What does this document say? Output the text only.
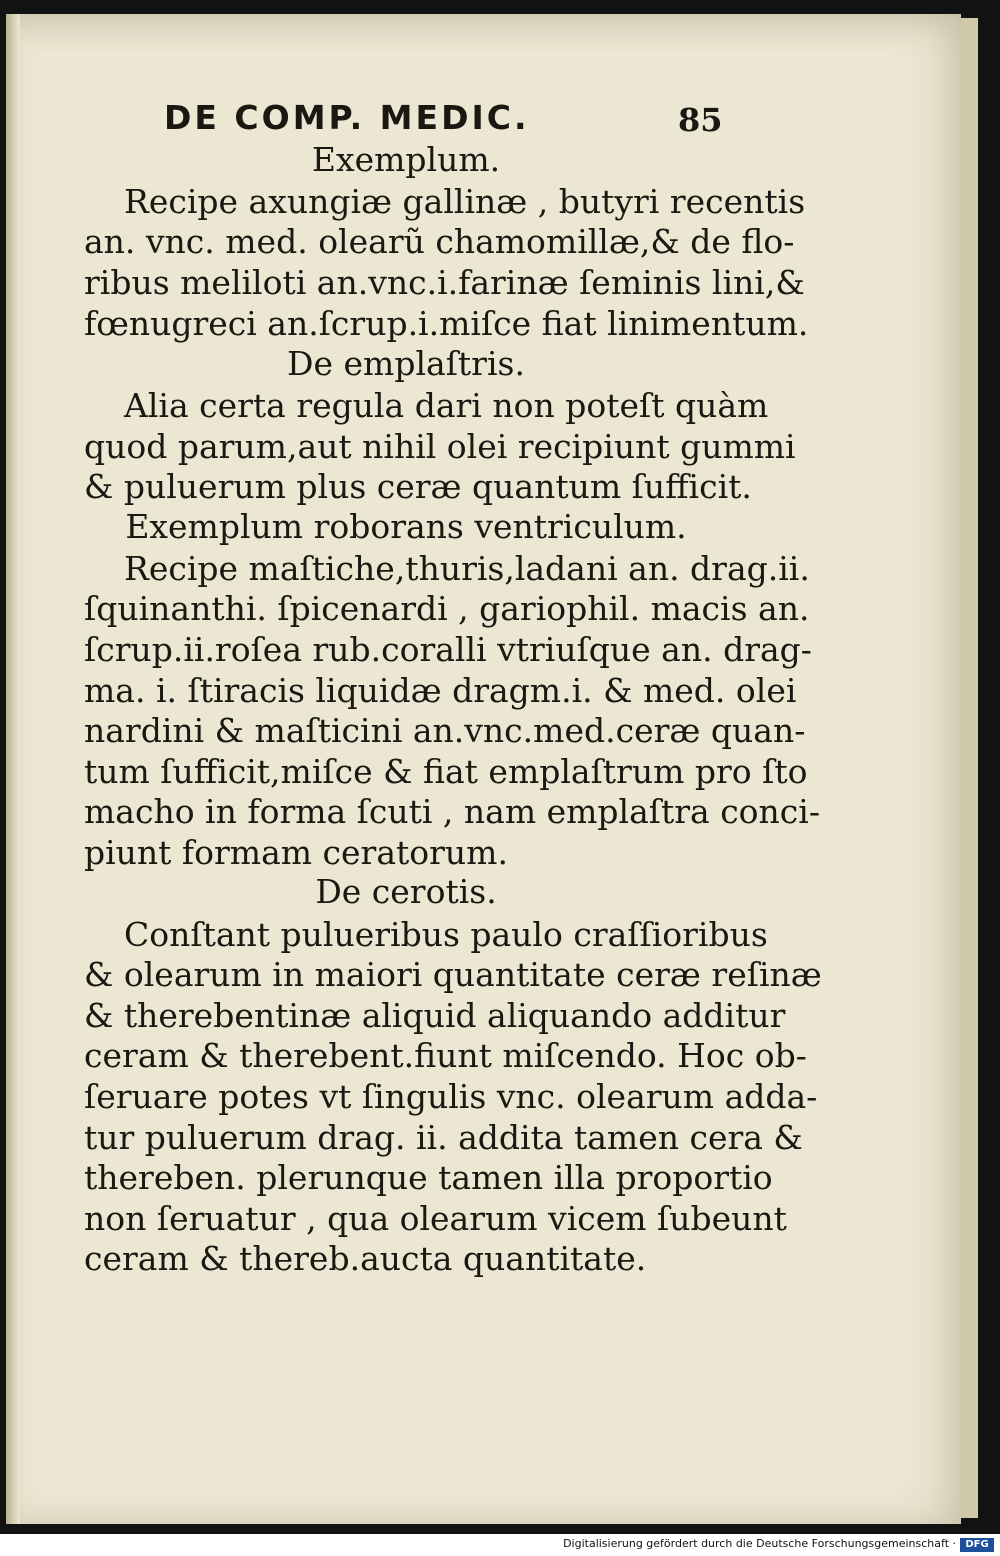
DE COMP. MEDIC.	85
Exemplum.
Recipe axungiæ gallinæ , butyri recentis
an. vnc. med. olearũ chamomillæ,& de flo-
ribus meliloti an.vnc.i.farinæ ſeminis lini,&
fœnugreci an.ſcrup.i.miſce fiat linimentum.
De emplaſtris.
Alia certa regula dari non poteſt quàm
quod parum,aut nihil olei recipiunt gummi
& puluerum plus ceræ quantum ſufficit.
Exemplum roborans ventriculum.
Recipe maſtiche,thuris,ladani an. drag.ii.
ſquinanthi. ſpicenardi , gariophil. macis an.
ſcrup.ii.roſea rub.coralli vtriuſque an. drag-
ma. i. ſtiracis liquidæ dragm.i. & med. olei
nardini & maſticini an.vnc.med.ceræ quan-
tum ſufficit,miſce & fiat emplaſtrum pro ſto
macho in forma ſcuti , nam emplaſtra conci-
piunt formam ceratorum.
De cerotis.
Conſtant pulueribus paulo craſſioribus
& olearum in maiori quantitate ceræ reſinæ
& therebentinæ aliquid aliquando additur
ceram & therebent.fiunt miſcendo. Hoc ob-
ſeruare potes vt ſingulis vnc. olearum adda-
tur puluerum drag. ii. addita tamen cera &
thereben. plerunque tamen illa proportio
non ſeruatur , qua olearum vicem ſubeunt
ceram & thereb.aucta quantitate.
Digitalisierung gefördert durch die Deutsche Forschungsgemeinschaft · DFG
